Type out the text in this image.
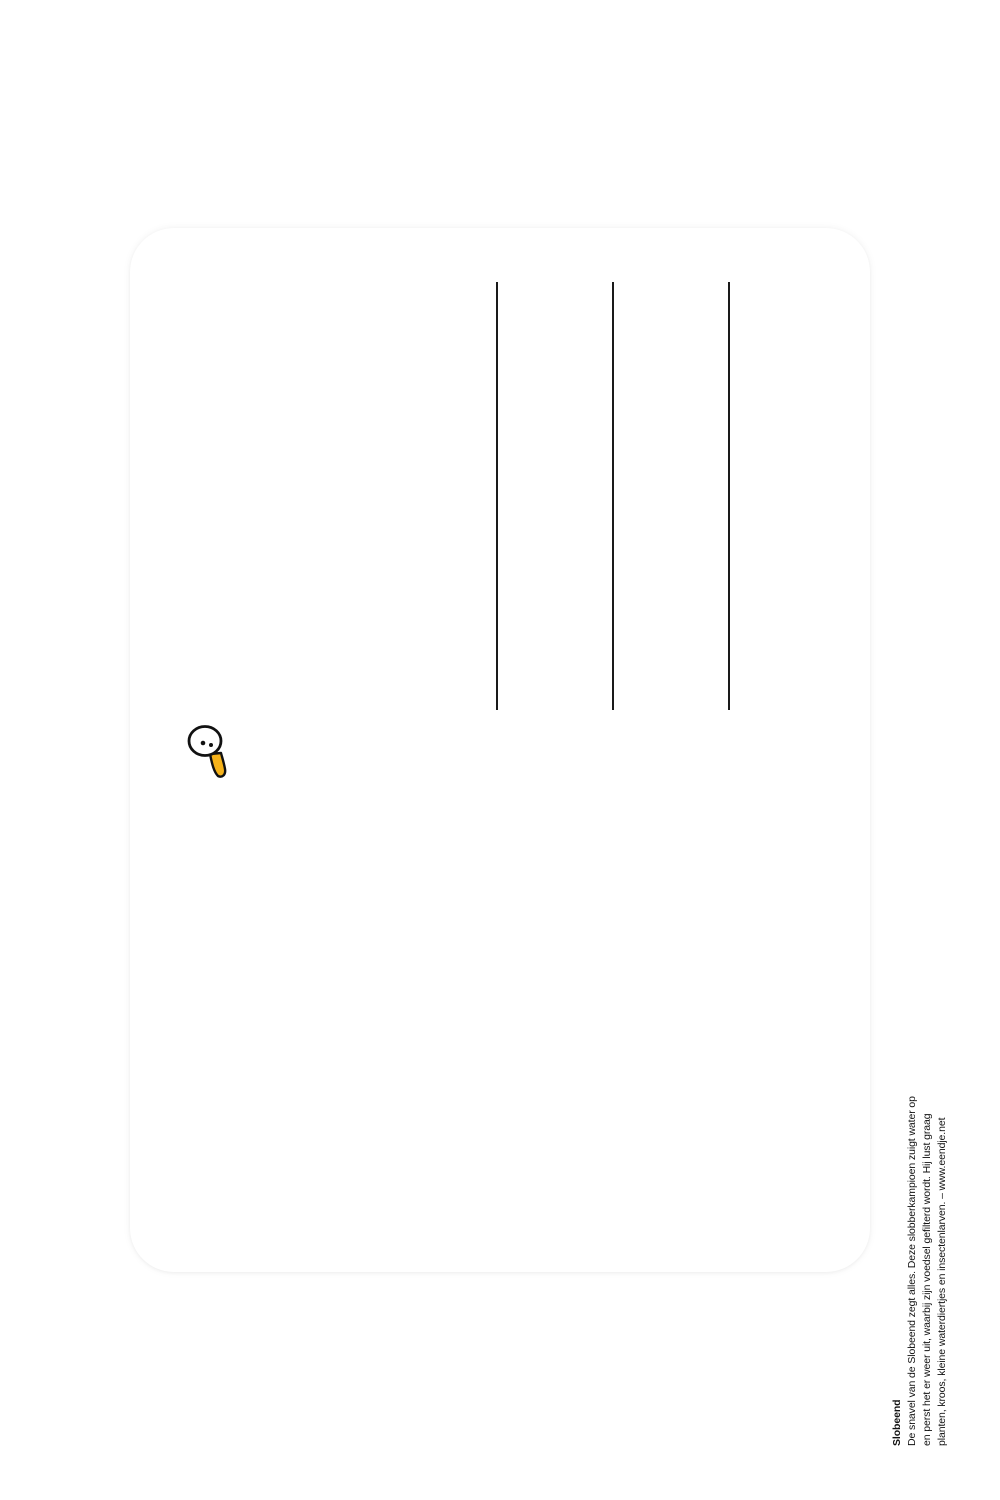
Slobeend De snavel van de Slobeend zegt alles. Deze slobberkampioen zuigt water op en perst het er weer uit, waarbij zijn voedsel gefilterd wordt. Hij lust graag planten, kroos, kleine waterdiertjes en insectenlarven. – www.eendje.net
